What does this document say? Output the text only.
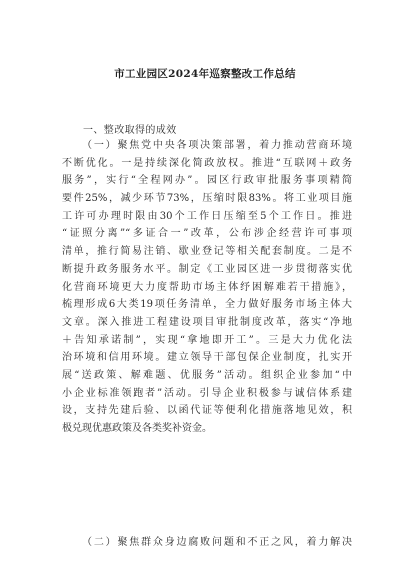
市工业园区2024年巡察整改工作总结
一、整改取得的成效
（一）聚焦党中央各项决策部署，着力推动营商环境
不断优化。一是持续深化简政放权。推进“互联网＋政务
服务”，实行“全程网办”。园区行政审批服务事项精简
要件25%，减少环节73%，压缩时限83%。将工业项目施
工许可办理时限由30个工作日压缩至5个工作日。推进
“证照分离”“多证合一”改革，公布涉企经营许可事项
清单，推行简易注销、歇业登记等相关配套制度。二是不
断提升政务服务水平。制定《工业园区进一步贯彻落实优
化营商环境更大力度帮助市场主体纾困解难若干措施》，
梳理形成6大类19项任务清单，全力做好服务市场主体大
文章。深入推进工程建设项目审批制度改革，落实“净地
＋告知承诺制”，实现“拿地即开工”。三是大力优化法
治环境和信用环境。建立领导干部包保企业制度，扎实开
展“送政策、解难题、优服务”活动。组织企业参加“中
小企业标准领跑者”活动。引导企业积极参与诚信体系建
设，支持先建后验、以函代证等便利化措施落地见效，积
极兑现优惠政策及各类奖补资金。
（二）聚焦群众身边腐败问题和不正之风，着力解决
